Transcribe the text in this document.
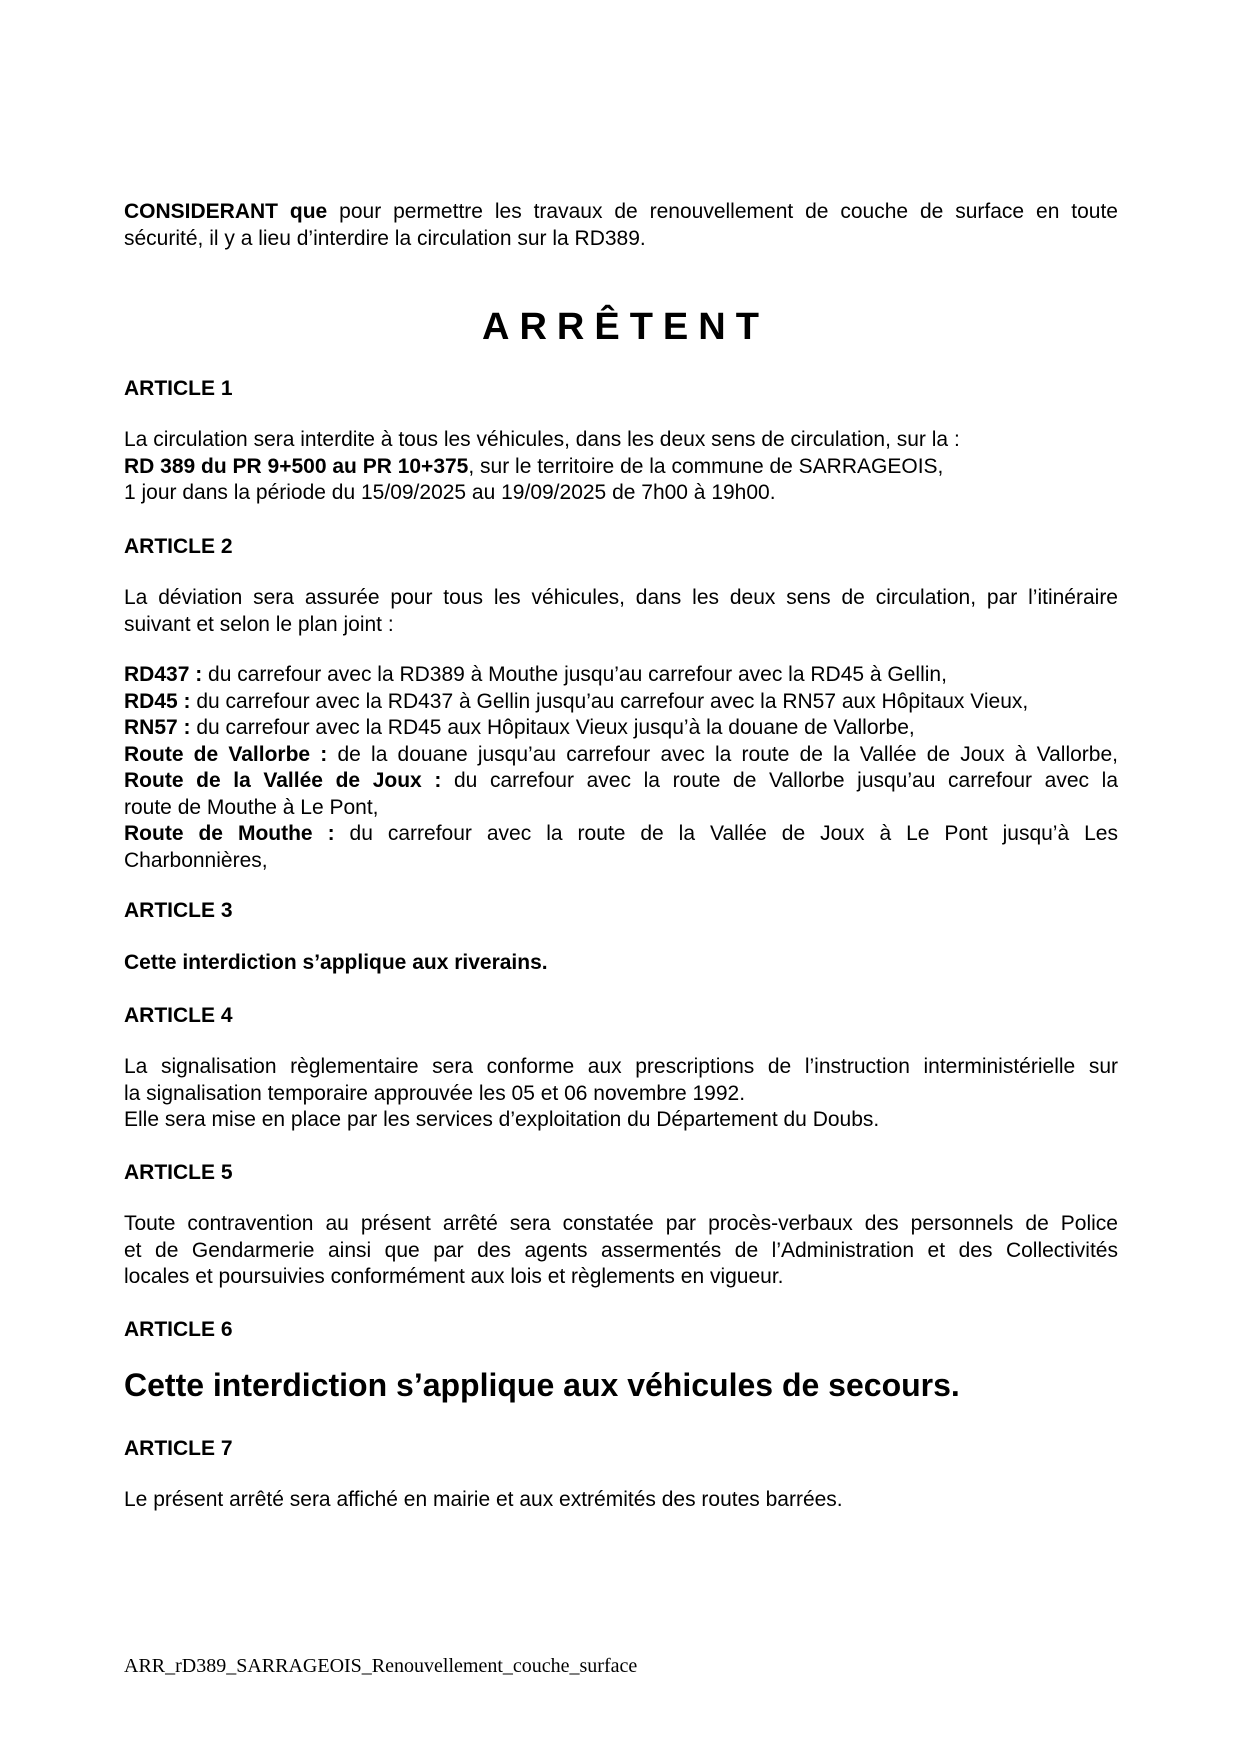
CONSIDERANT que pour permettre les travaux de renouvellement de couche de surface en toute
sécurité, il y a lieu d’interdire la circulation sur la RD389.
ARRÊTENT
ARTICLE 1
La circulation sera interdite à tous les véhicules, dans les deux sens de circulation, sur la :
RD 389 du PR 9+500 au PR 10+375, sur le territoire de la commune de SARRAGEOIS,
1 jour dans la période du 15/09/2025 au 19/09/2025 de 7h00 à 19h00.
ARTICLE 2
La déviation sera assurée pour tous les véhicules, dans les deux sens de circulation, par l’itinéraire
suivant et selon le plan joint :
RD437 : du carrefour avec la RD389 à Mouthe jusqu’au carrefour avec la RD45 à Gellin,
RD45 : du carrefour avec la RD437 à Gellin jusqu’au carrefour avec la RN57 aux Hôpitaux Vieux,
RN57 : du carrefour avec la RD45 aux Hôpitaux Vieux jusqu’à la douane de Vallorbe,
Route de Vallorbe : de la douane jusqu’au carrefour avec la route de la Vallée de Joux à Vallorbe,
Route de la Vallée de Joux : du carrefour avec la route de Vallorbe jusqu’au carrefour avec la
route de Mouthe à Le Pont,
Route de Mouthe : du carrefour avec la route de la Vallée de Joux à Le Pont jusqu’à Les
Charbonnières,
ARTICLE 3
Cette interdiction s’applique aux riverains.
ARTICLE 4
La signalisation règlementaire sera conforme aux prescriptions de l’instruction interministérielle sur
la signalisation temporaire approuvée les 05 et 06 novembre 1992.
Elle sera mise en place par les services d’exploitation du Département du Doubs.
ARTICLE 5
Toute contravention au présent arrêté sera constatée par procès-verbaux des personnels de Police
et de Gendarmerie ainsi que par des agents assermentés de l’Administration et des Collectivités
locales et poursuivies conformément aux lois et règlements en vigueur.
ARTICLE 6

Cette interdiction s’applique aux véhicules de secours.

ARTICLE 7
Le présent arrêté sera affiché en mairie et aux extrémités des routes barrées.
ARR_rD389_SARRAGEOIS_Renouvellement_couche_surface
